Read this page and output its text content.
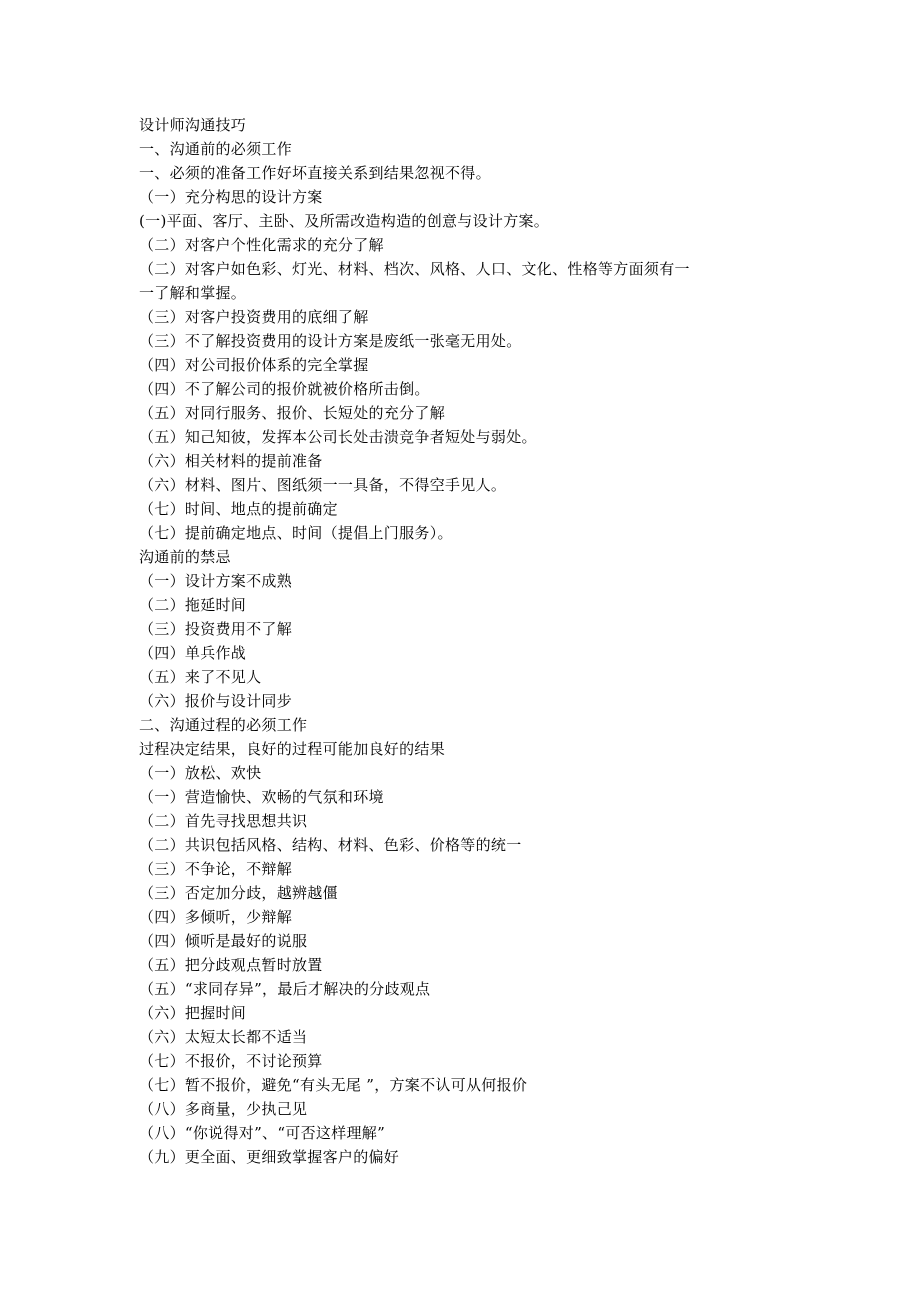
设计师沟通技巧
一、沟通前的必须工作
一、必须的准备工作好坏直接关系到结果忽视不得。
（一）充分构思的设计方案
(一)平面、客厅、主卧、及所需改造构造的创意与设计方案。
（二）对客户个性化需求的充分了解
（二）对客户如色彩、灯光、材料、档次、风格、人口、文化、性格等方面须有一
一了解和掌握。
（三）对客户投资费用的底细了解
（三）不了解投资费用的设计方案是废纸一张毫无用处。
（四）对公司报价体系的完全掌握
（四）不了解公司的报价就被价格所击倒。
（五）对同行服务、报价、长短处的充分了解
（五）知己知彼，发挥本公司长处击溃竞争者短处与弱处。
（六）相关材料的提前准备
（六）材料、图片、图纸须一一具备，不得空手见人。
（七）时间、地点的提前确定
（七）提前确定地点、时间（提倡上门服务）。
沟通前的禁忌
（一）设计方案不成熟
（二）拖延时间
（三）投资费用不了解
（四）单兵作战
（五）来了不见人
（六）报价与设计同步
二、沟通过程的必须工作
过程决定结果，良好的过程可能加良好的结果
（一）放松、欢快
（一）营造愉快、欢畅的气氛和环境
（二）首先寻找思想共识
（二）共识包括风格、结构、材料、色彩、价格等的统一
（三）不争论，不辩解
（三）否定加分歧，越辨越僵
（四）多倾听，少辩解
（四）倾听是最好的说服
（五）把分歧观点暂时放置
（五）“求同存异”，最后才解决的分歧观点
（六）把握时间
（六）太短太长都不适当
（七）不报价，不讨论预算
（七）暂不报价，避免“有头无尾 ”，方案不认可从何报价
（八）多商量，少执己见
（八）“你说得对”、“可否这样理解”
（九）更全面、更细致掌握客户的偏好
